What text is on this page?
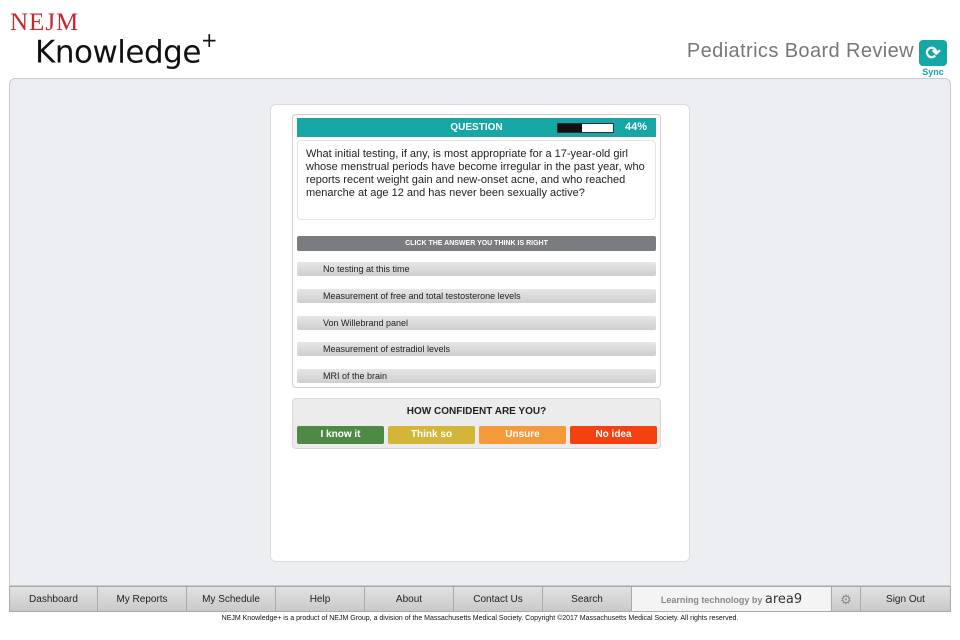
NEJM
Knowledge+	Pediatrics Board Review ⟳
Sync
QUESTION	44%
What initial testing, if any, is most appropriate for a 17-year-old girl whose menstrual periods have become irregular in the past year, who reports recent weight gain and new-onset acne, and who reached menarche at age 12 and has never been sexually active?
CLICK THE ANSWER YOU THINK IS RIGHT
No testing at this time
Measurement of free and total testosterone levels
Von Willebrand panel
Measurement of estradiol levels
MRI of the brain
HOW CONFIDENT ARE YOU?
I know it	Think so	Unsure	No idea
Dashboard	My Reports	My Schedule	Help	About	Contact Us	Search	Learning technology by area9	⚙	Sign Out
NEJM Knowledge+ is a product of NEJM Group, a division of the Massachusetts Medical Society. Copyright ©2017 Massachusetts Medical Society. All rights reserved.
